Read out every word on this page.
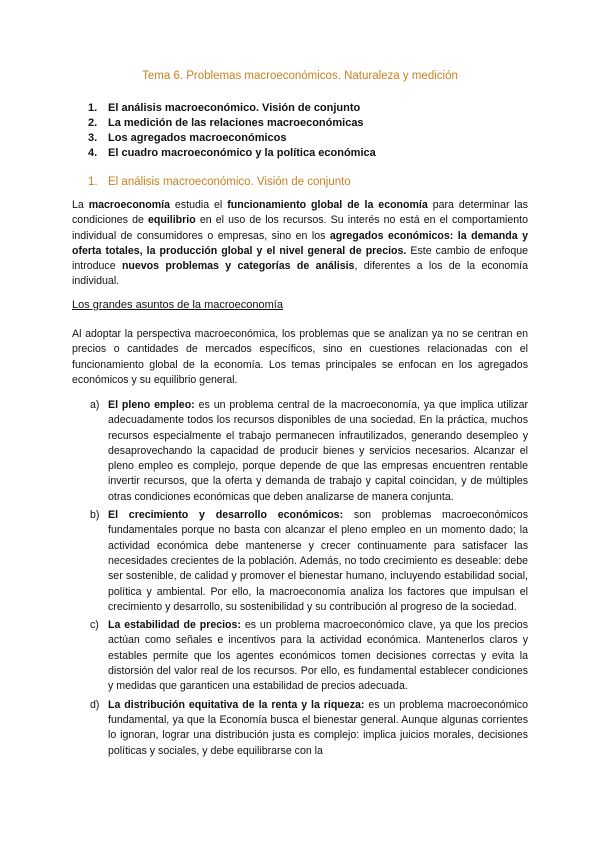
Tema 6. Problemas macroeconómicos. Naturaleza y medición
1. El análisis macroeconómico. Visión de conjunto
2. La medición de las relaciones macroeconómicas
3. Los agregados macroeconómicos
4. El cuadro macroeconómico y la política económica
1. El análisis macroeconómico. Visión de conjunto

La macroeconomía estudia el funcionamiento global de la economía para determinar las condiciones de equilibrio en el uso de los recursos. Su interés no está en el comportamiento individual de consumidores o empresas, sino en los agregados económicos: la demanda y oferta totales, la producción global y el nivel general de precios. Este cambio de enfoque introduce nuevos problemas y categorías de análisis, diferentes a los de la economía individual.

Los grandes asuntos de la macroeconomía

Al adoptar la perspectiva macroeconómica, los problemas que se analizan ya no se centran en precios o cantidades de mercados específicos, sino en cuestiones relacionadas con el funcionamiento global de la economía. Los temas principales se enfocan en los agregados económicos y su equilibrio general.

a) El pleno empleo: es un problema central de la macroeconomía, ya que implica utilizar adecuadamente todos los recursos disponibles de una sociedad. En la práctica, muchos recursos especialmente el trabajo permanecen infrautilizados, generando desempleo y desaprovechando la capacidad de producir bienes y servicios necesarios. Alcanzar el pleno empleo es complejo, porque depende de que las empresas encuentren rentable invertir recursos, que la oferta y demanda de trabajo y capital coincidan, y de múltiples otras condiciones económicas que deben analizarse de manera conjunta.
b) El crecimiento y desarrollo económicos: son problemas macroeconómicos fundamentales porque no basta con alcanzar el pleno empleo en un momento dado; la actividad económica debe mantenerse y crecer continuamente para satisfacer las necesidades crecientes de la población. Además, no todo crecimiento es deseable: debe ser sostenible, de calidad y promover el bienestar humano, incluyendo estabilidad social, política y ambiental. Por ello, la macroeconomía analiza los factores que impulsan el crecimiento y desarrollo, su sostenibilidad y su contribución al progreso de la sociedad.
c) La estabilidad de precios: es un problema macroeconómico clave, ya que los precios actúan como señales e incentivos para la actividad económica. Mantenerlos claros y estables permite que los agentes económicos tomen decisiones correctas y evita la distorsión del valor real de los recursos. Por ello, es fundamental establecer condiciones y medidas que garanticen una estabilidad de precios adecuada.
d) La distribución equitativa de la renta y la riqueza: es un problema macroeconómico fundamental, ya que la Economía busca el bienestar general. Aunque algunas corrientes lo ignoran, lograr una distribución justa es complejo: implica juicios morales, decisiones políticas y sociales, y debe equilibrarse con la
